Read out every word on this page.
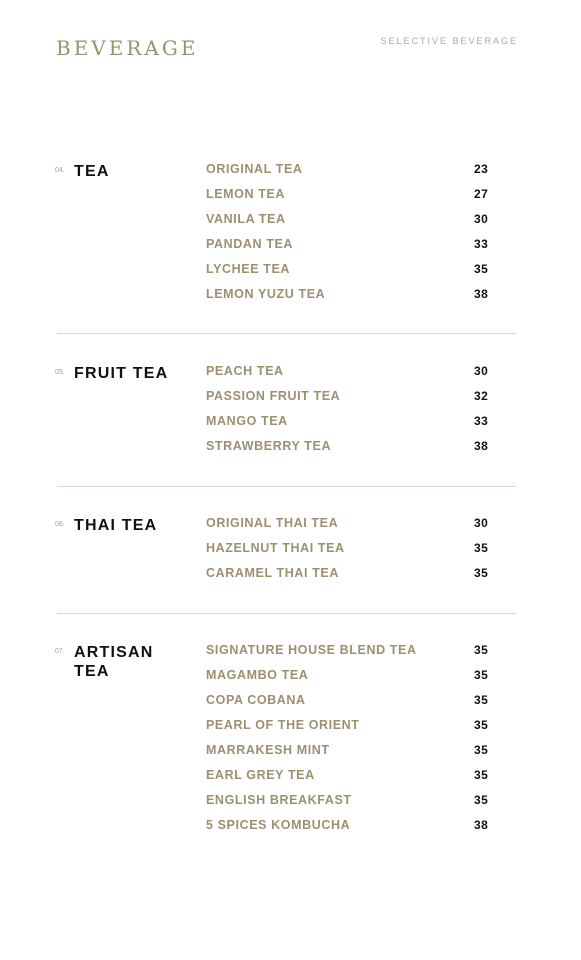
BEVERAGE	SELECTIVE BEVERAGE
04. TEA	ORIGINAL TEA	23
LEMON TEA	27
VANILA TEA	30
PANDAN TEA	33
LYCHEE TEA	35
LEMON YUZU TEA	38
05. FRUIT TEA	PEACH TEA	30
PASSION FRUIT TEA	32
MANGO TEA	33
STRAWBERRY TEA	38
06. THAI TEA	ORIGINAL THAI TEA	30
HAZELNUT THAI TEA	35
CARAMEL THAI TEA	35
07. ARTISAN TEA
SIGNATURE HOUSE BLEND TEA	35
MAGAMBO TEA	35
COPA COBANA	35
PEARL OF THE ORIENT	35
MARRAKESH MINT	35
EARL GREY TEA	35
ENGLISH BREAKFAST	35
5 SPICES KOMBUCHA	38
